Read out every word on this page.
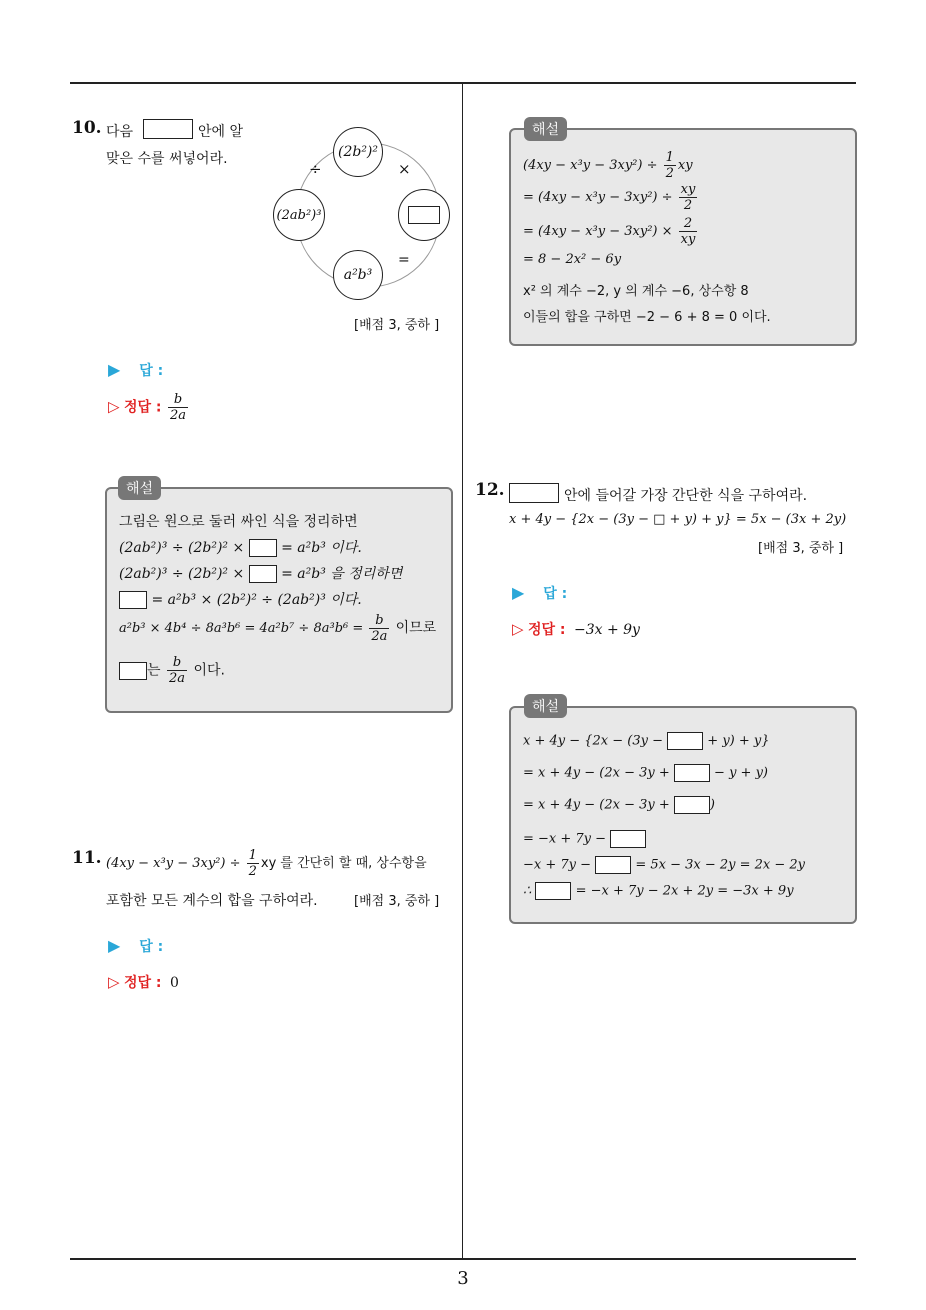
3
10. 다음	안에 알
맞은 수를 써넣어라.	(2b²)²
(2ab²)³
a²b³
÷	×
=
[배점 3, 중하 ]
▶ 답 :
▷ 정답 : $\frac{b}{2a}$
그림은 원으로 둘러 싸인 식을 정리하면
(2ab²)³ ÷ (2b²)² ×	= a²b³ 이다.
(2ab²)³ ÷ (2b²)² ×	= a²b³ 을 정리하면
= a²b³ × (2b²)² ÷ (2ab²)³ 이다.
$a^2b^3 \times 4b^4 \div 8a^3b^6 = 4a^2b^7 \div 8a^3b^6 = \frac{b}{2a}$ 이므로
는 $\frac{b}{2a}$ 이다.
해설
11. $(4xy - x^3y - 3xy^2) \div \frac{1}{2}$ xy 를 간단히 할 때, 상수항을
포함한 모든 계수의 합을 구하여라.	[배점 3, 중하 ]
▶ 답 :
▷ 정답 : 0
$(4xy - x^3y - 3xy^2) \div \frac{1}{2}$ xy
= $(4xy - x^3y - 3xy^2) \div \frac{xy}{2}$
= $(4xy - x^3y - 3xy^2) \times \frac{2}{xy}$
= 8 − 2x² − 6y
x² 의 계수 −2, y 의 계수 −6, 상수항 8
이들의 합을 구하면 −2 − 6 + 8 = 0 이다.
해설
12.	안에 들어갈 가장 간단한 식을 구하여라.
x + 4y − {2x − (3y − □ + y) + y} = 5x − (3x + 2y)
[배점 3, 중하 ]
▶ 답 :
▷ 정답 : −3x + 9y
x + 4y − {2x − (3y −	+ y) + y}
= x + 4y − (2x − 3y +	− y + y)
= x + 4y − (2x − 3y +	)
= −x + 7y −
−x + 7y −	= 5x − 3x − 2y = 2x − 2y
∴	= −x + 7y − 2x + 2y = −3x + 9y
해설
